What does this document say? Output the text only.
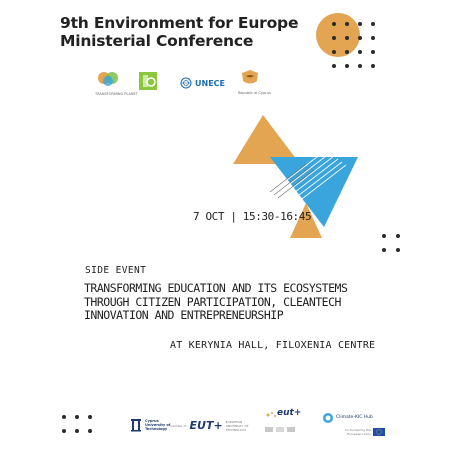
9th Environment for Europe
Ministerial Conference
TRANSFORMING PLANET
UNECE
Republic of Cyprus
7 OCT | 15:30-16:45
SIDE EVENT
TRANSFORMING EDUCATION AND ITS ECOSYSTEMS
THROUGH CITIZEN PARTICIPATION, CLEANTECH
INNOVATION AND ENTREPRENEURSHIP
AT KERYNIA HALL, FILOXENIA CENTRE
Cyprus
University of
Technology
member of EUT+ EUROPEAN
UNIVERSITY OF
TECHNOLOGY
eut+	Climate-KIC Hub
Co-funded by the
European Union
